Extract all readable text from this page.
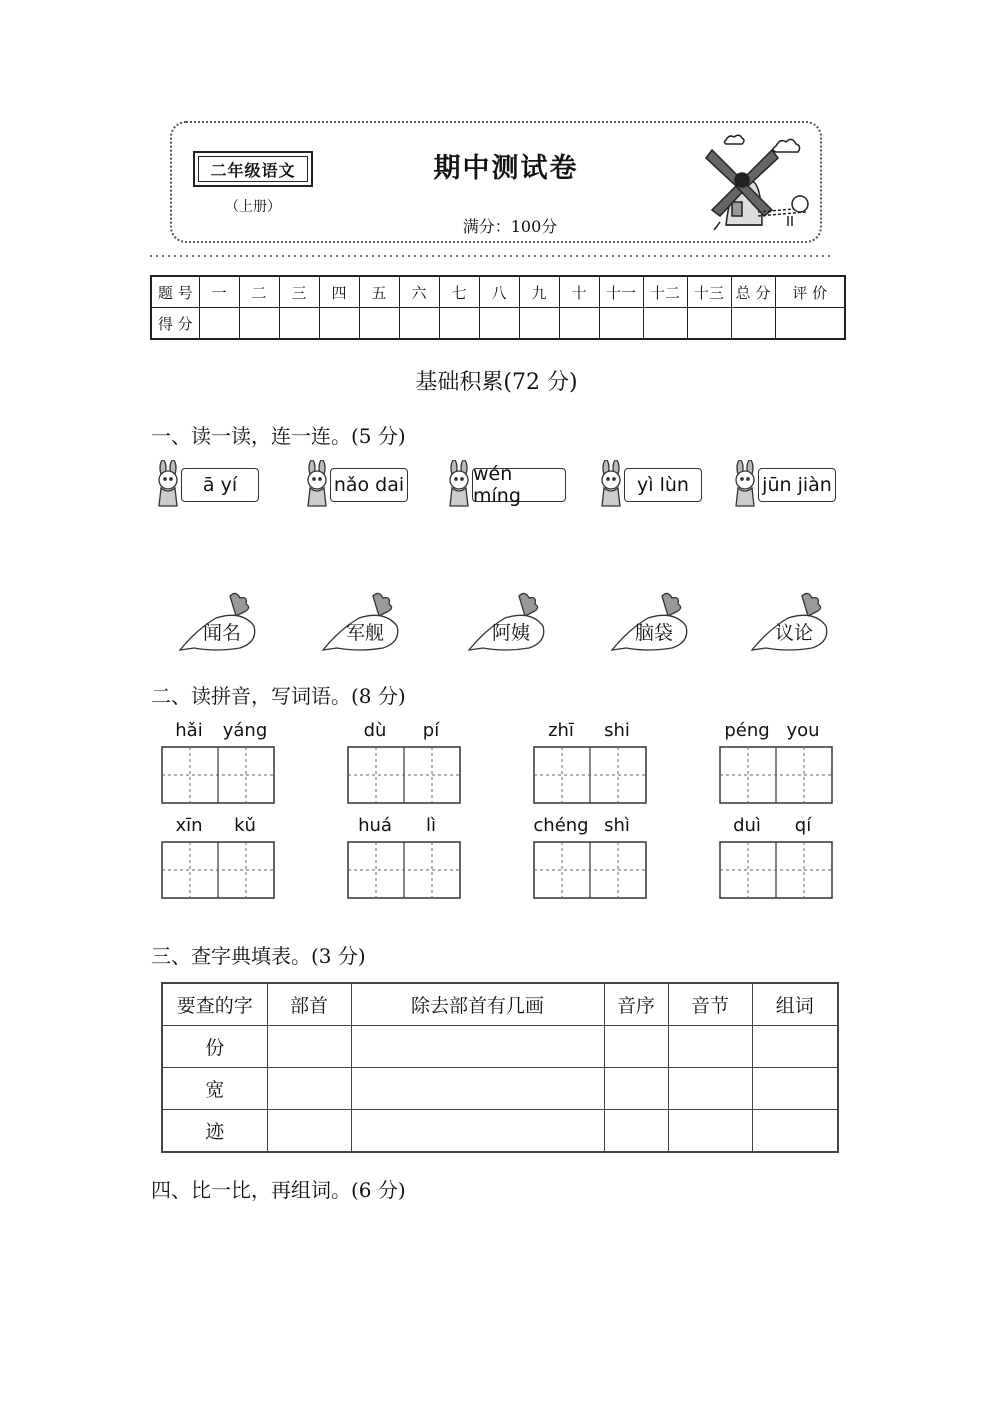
二年级语文
（上册）
期中测试卷
满分：100分
题 号	一	二	三	四	五	六	七	八	九	十	十一	十二	十三	总 分	评 价
得 分															
基础积累(72 分)
一、读一读，连一连。(5 分)
ā yí	nǎo dai	wén míng	yì lùn	jūn jiàn
闻名	军舰	阿姨	脑袋	议论
二、读拼音，写词语。(8 分)
hǎi	yáng	dù	pí	zhī	shi	péng you
xīn	kǔ	huá	lì	chéng shì	duì	qí
三、查字典填表。(3 分)
要查的字	部首	除去部首有几画	音序	音节	组词
份					
宽					
迹					
四、比一比，再组词。(6 分)
